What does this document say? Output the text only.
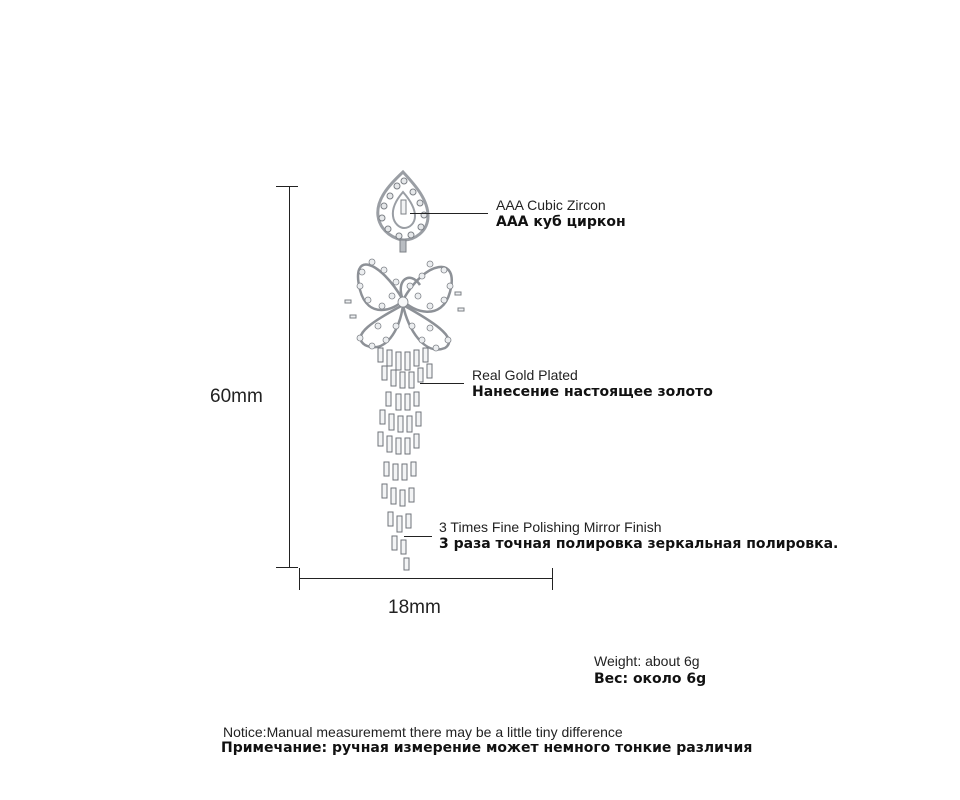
60mm
18mm
AAA Cubic Zircon
AAA куб циркон
Real Gold Plated
Нанесение настоящее золото
3 Times Fine Polishing Mirror Finish
3 раза точная полировка зеркальная полировка.
Weight: about 6g
Вес: около 6g
Notice:Manual measurememt there may be a little tiny difference
Примечание: ручная измерение может немного тонкие различия
